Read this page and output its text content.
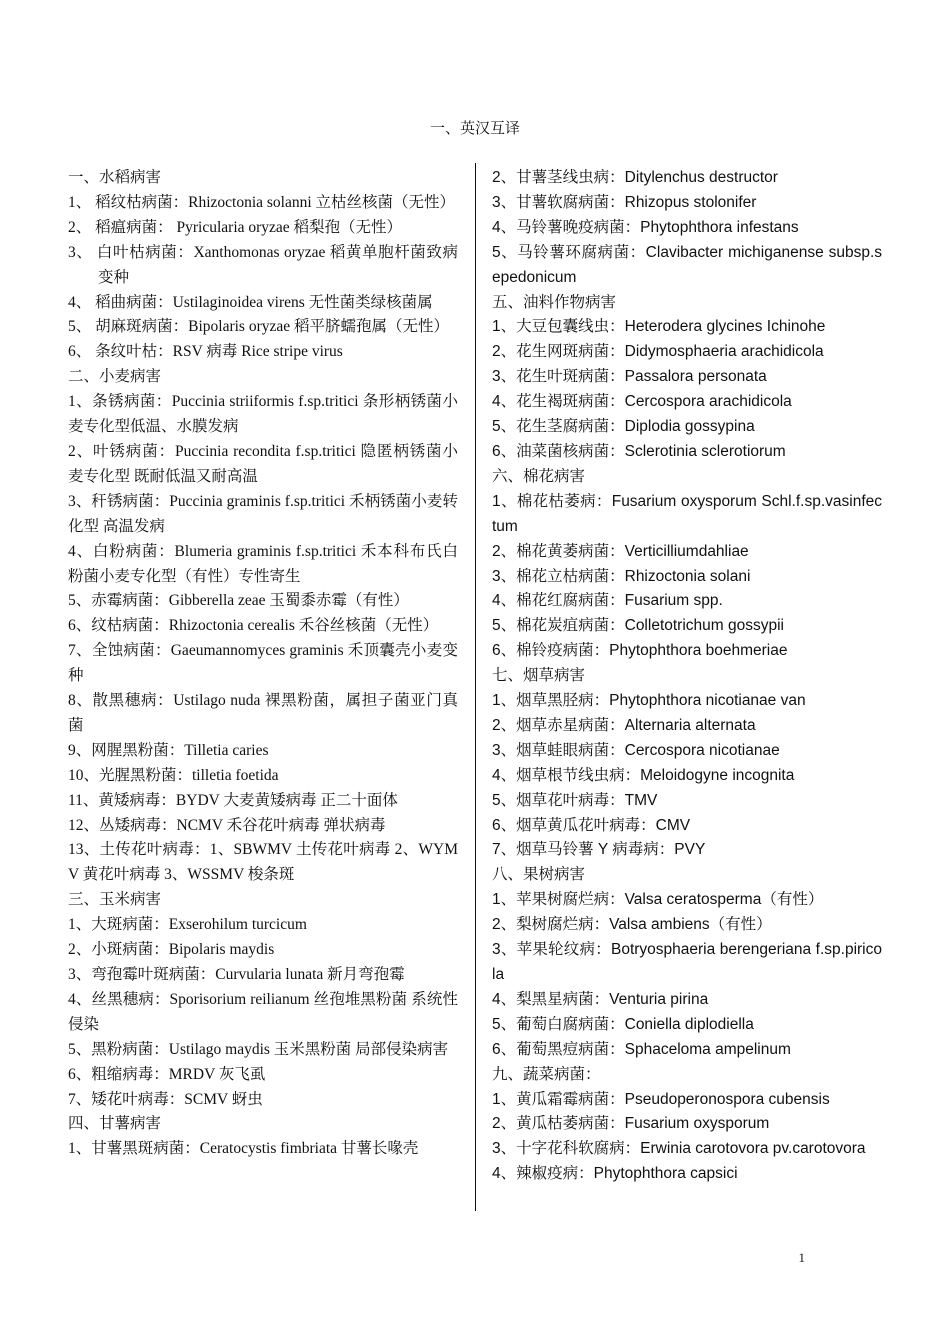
一、英汉互译
一、水稻病害
1、 稻纹枯病菌：Rhizoctonia solanni 立枯丝核菌（无性）
2、 稻瘟病菌： Pyricularia oryzae 稻梨孢（无性）
3、 白叶枯病菌：Xanthomonas oryzae 稻黄单胞杆菌致病变种
4、 稻曲病菌：Ustilaginoidea virens 无性菌类绿核菌属
5、 胡麻斑病菌：Bipolaris oryzae 稻平脐蠕孢属（无性）
6、 条纹叶枯：RSV 病毒 Rice stripe virus
二、小麦病害
1、条锈病菌：Puccinia striiformis f.sp.tritici 条形柄锈菌小麦专化型低温、水膜发病
2、叶锈病菌：Puccinia recondita f.sp.tritici 隐匿柄锈菌小麦专化型 既耐低温又耐高温
3、秆锈病菌：Puccinia graminis f.sp.tritici 禾柄锈菌小麦转化型 高温发病
4、白粉病菌：Blumeria graminis f.sp.tritici 禾本科布氏白粉菌小麦专化型（有性）专性寄生
5、赤霉病菌：Gibberella zeae 玉蜀黍赤霉（有性）
6、纹枯病菌：Rhizoctonia cerealis 禾谷丝核菌（无性）
7、全蚀病菌：Gaeumannomyces graminis 禾顶囊壳小麦变种
8、散黑穗病：Ustilago nuda 裸黑粉菌，属担子菌亚门真菌
9、网腥黑粉菌：Tilletia caries
10、光腥黑粉菌：tilletia foetida
11、黄矮病毒：BYDV 大麦黄矮病毒 正二十面体
12、丛矮病毒：NCMV 禾谷花叶病毒 弹状病毒
13、土传花叶病毒：1、SBWMV 土传花叶病毒 2、WYMV 黄花叶病毒 3、WSSMV 梭条斑
三、玉米病害
1、大斑病菌：Exserohilum turcicum
2、小斑病菌：Bipolaris maydis
3、弯孢霉叶斑病菌：Curvularia lunata 新月弯孢霉
4、丝黑穗病：Sporisorium reilianum 丝孢堆黑粉菌 系统性侵染
5、黑粉病菌：Ustilago maydis 玉米黑粉菌 局部侵染病害
6、粗缩病毒：MRDV 灰飞虱
7、矮花叶病毒：SCMV 蚜虫
四、甘薯病害
1、甘薯黑斑病菌：Ceratocystis fimbriata 甘薯长喙壳
2、甘薯茎线虫病：Ditylenchus destructor
3、甘薯软腐病菌：Rhizopus stolonifer
4、马铃薯晚疫病菌：Phytophthora infestans
5、马铃薯环腐病菌：Clavibacter michiganense subsp.sepedonicum
五、油料作物病害
1、大豆包囊线虫：Heterodera glycines Ichinohe
2、花生网斑病菌：Didymosphaeria arachidicola
3、花生叶斑病菌：Passalora personata
4、花生褐斑病菌：Cercospora arachidicola
5、花生茎腐病菌：Diplodia gossypina
6、油菜菌核病菌：Sclerotinia sclerotiorum
六、棉花病害
1、棉花枯萎病：Fusarium oxysporum Schl.f.sp.vasinfectum
2、棉花黄萎病菌：Verticilliumdahliae
3、棉花立枯病菌：Rhizoctonia solani
4、棉花红腐病菌：Fusarium spp.
5、棉花炭疽病菌：Colletotrichum gossypii
6、棉铃疫病菌：Phytophthora boehmeriae
七、烟草病害
1、烟草黑胫病：Phytophthora nicotianae van
2、烟草赤星病菌：Alternaria alternata
3、烟草蛙眼病菌：Cercospora nicotianae
4、烟草根节线虫病：Meloidogyne incognita
5、烟草花叶病毒：TMV
6、烟草黄瓜花叶病毒：CMV
7、烟草马铃薯 Y 病毒病：PVY
八、果树病害
1、苹果树腐烂病：Valsa ceratosperma（有性）
2、梨树腐烂病：Valsa ambiens（有性）
3、苹果轮纹病：Botryosphaeria berengeriana f.sp.piricola
4、梨黑星病菌：Venturia pirina
5、葡萄白腐病菌：Coniella diplodiella
6、葡萄黑痘病菌：Sphaceloma ampelinum
九、蔬菜病菌：
1、黄瓜霜霉病菌：Pseudoperonospora cubensis
2、黄瓜枯萎病菌：Fusarium oxysporum
3、十字花科软腐病：Erwinia carotovora pv.carotovora
4、辣椒疫病：Phytophthora capsici
1
